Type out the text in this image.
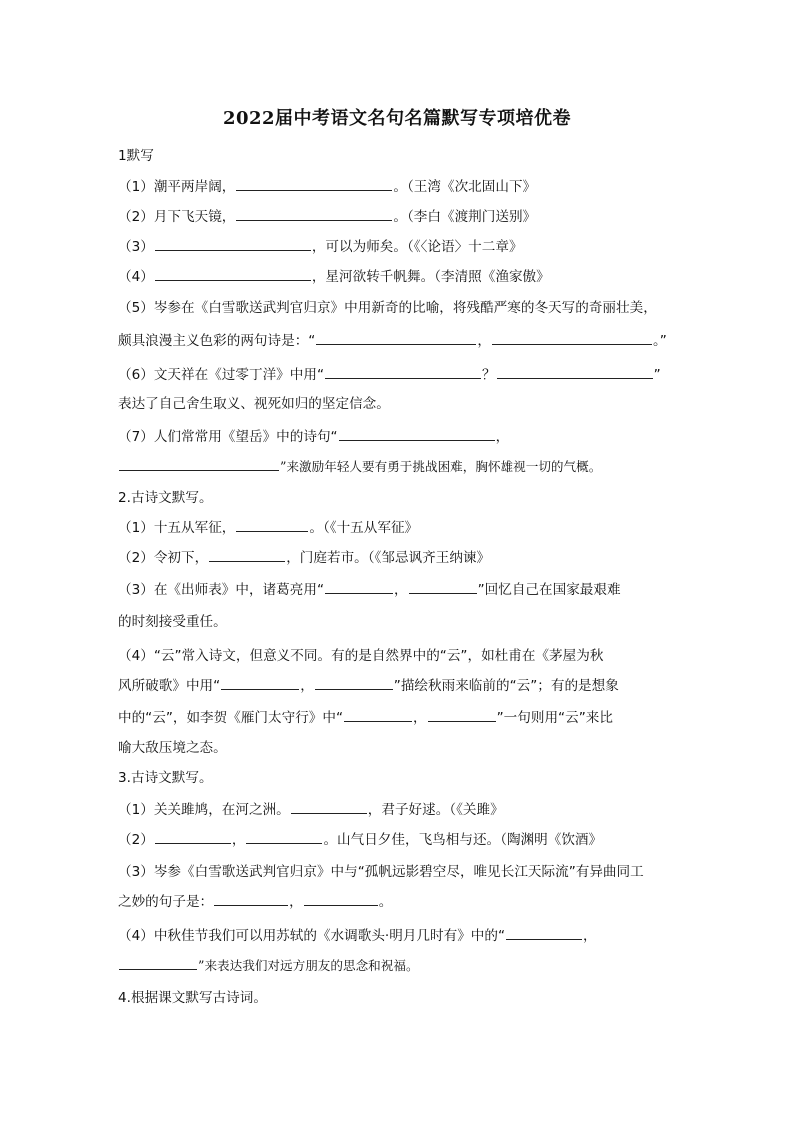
2022届中考语文名句名篇默写专项培优卷
1默写
（1）潮平两岸阔，	。（王湾《次北固山下》
（2）月下飞天镜，	。（李白《渡荆门送别》
（3）	，可以为师矣。（《〈论语〉十二章》
（4）	，星河欲转千帆舞。（李清照《渔家傲》
（5）岑参在《白雪歌送武判官归京》中用新奇的比喻，将残酷严寒的冬天写的奇丽壮美，
颇具浪漫主义色彩的两句诗是：“	，	。”
（6）文天祥在《过零丁洋》中用“	？	”
表达了自己舍生取义、视死如归的坚定信念。
（7）人们常常用《望岳》中的诗句“	，
”来激励年轻人要有勇于挑战困难，胸怀雄视一切的气概。
2.古诗文默写。
（1）十五从军征，	。（《十五从军征》
（2）令初下，	，门庭若市。（《邹忌讽齐王纳谏》
（3）在《出师表》中，诸葛亮用“	，	”回忆自己在国家最艰难
的时刻接受重任。
（4）“云”常入诗文，但意义不同。有的是自然界中的“云”，如杜甫在《茅屋为秋
风所破歌》中用“	，	”描绘秋雨来临前的“云”；有的是想象
中的“云”，如李贺《雁门太守行》中“	，	”一句则用“云”来比
喻大敌压境之态。
3.古诗文默写。
（1）关关雎鸠，在河之洲。	，君子好逑。（《关雎》
（2）	，	。山气日夕佳，飞鸟相与还。（陶渊明《饮酒》
（3）岑参《白雪歌送武判官归京》中与“孤帆远影碧空尽，唯见长江天际流”有异曲同工
之妙的句子是：	，	。
（4）中秋佳节我们可以用苏轼的《水调歌头·明月几时有》中的“	，
”来表达我们对远方朋友的思念和祝福。
4.根据课文默写古诗词。
